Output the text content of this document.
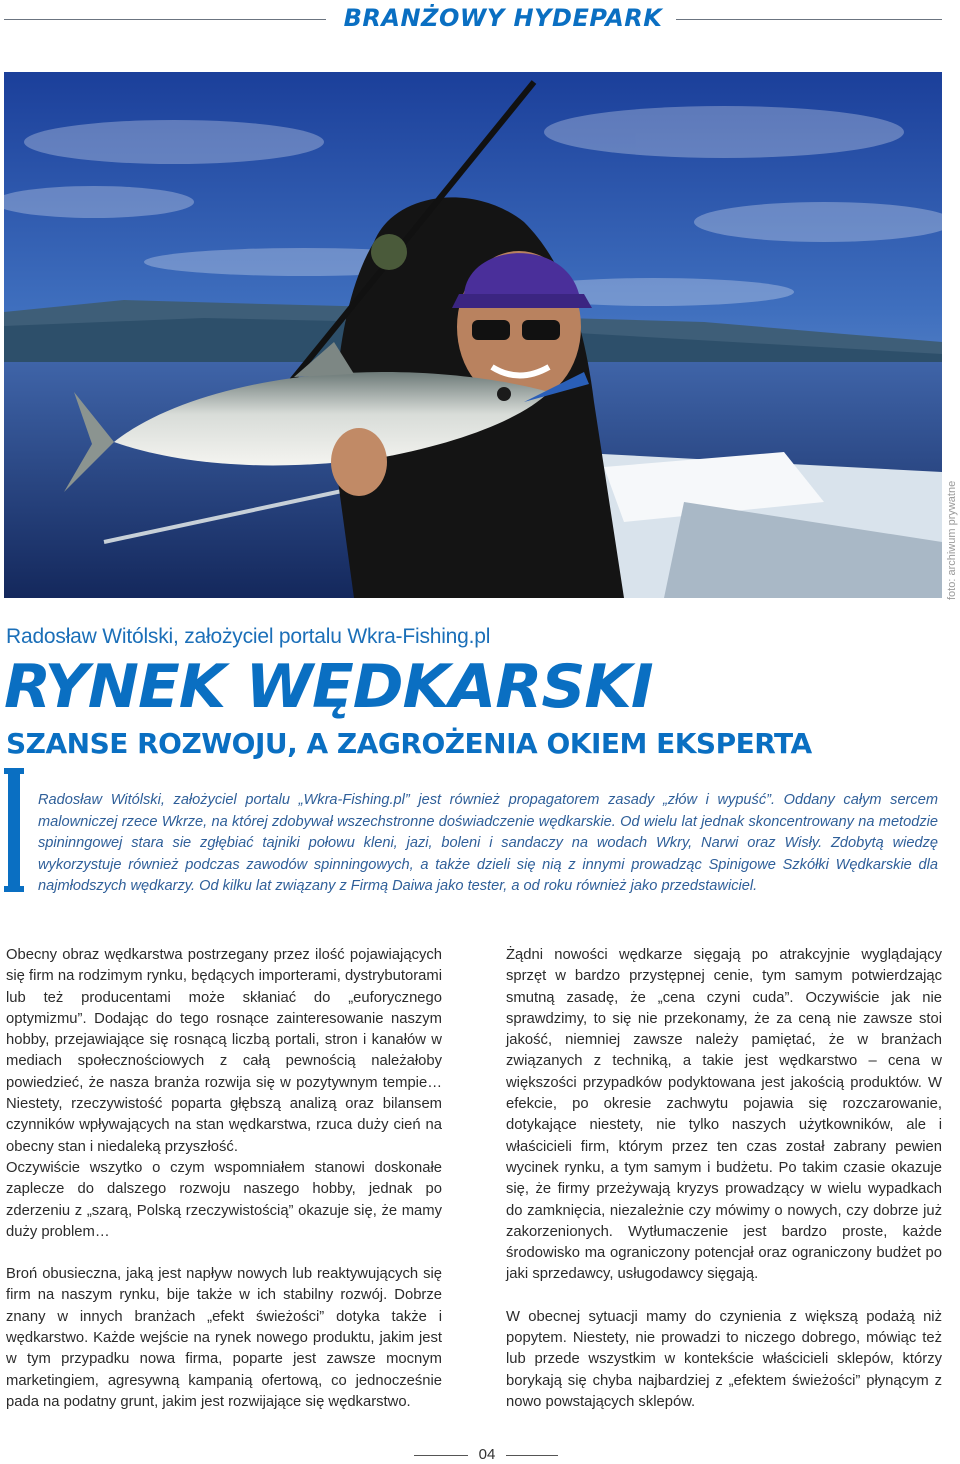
BRANŻOWY HYDEPARK
foto: archiwum prywatne
Radosław Witólski, założyciel portalu Wkra-Fishing.pl
RYNEK WĘDKARSKI
SZANSE ROZWOJU, A ZAGROŻENIA OKIEM EKSPERTA

Radosław Witólski, założyciel portalu „Wkra-Fishing.pl” jest również propagatorem zasady „złów i wypuść”. Oddany całym sercem malowniczej rzece Wkrze, na której zdobywał wszechstronne doświadczenie wędkarskie. Od wielu lat jednak skoncentrowany na metodzie spininngowej stara sie zgłębiać tajniki połowu kleni, jazi, boleni i sandaczy na wodach Wkry, Narwi oraz Wisły. Zdobytą wiedzę wykorzystuje również podczas zawodów spinningowych, a także dzieli się nią z innymi prowadząc Spinigowe Szkółki Wędkarskie dla najmłodszych wędkarzy. Od kilku lat związany z Firmą Daiwa jako tester, a od roku również jako przedstawiciel.

Obecny obraz wędkarstwa postrzegany przez ilość pojawiających się firm na rodzimym rynku, będących importerami, dystrybutorami lub też producentami może skłaniać do „euforycznego optymizmu”. Dodając do tego rosnące zainteresowanie naszym hobby, przejawiające się rosnącą liczbą portali, stron i kanałów w mediach społecznościowych z całą pewnością należałoby powiedzieć, że nasza branża rozwija się w pozytywnym tempie… Niestety, rzeczywistość poparta głębszą analizą oraz bilansem czynników wpływających na stan wędkarstwa, rzuca duży cień na obecny stan i niedaleką przyszłość.

Oczywiście wszytko o czym wspomniałem stanowi doskonałe zaplecze do dalszego rozwoju naszego hobby, jednak po zderzeniu z „szarą, Polską rzeczywistością” okazuje się, że mamy duży problem…

Broń obusieczna, jaką jest napływ nowych lub reaktywujących się firm na naszym rynku, bije także w ich stabilny rozwój. Dobrze znany w innych branżach „efekt świeżości” dotyka także i wędkarstwo. Każde wejście na rynek nowego produktu, jakim jest w tym przypadku nowa firma, poparte jest zawsze mocnym marketingiem, agresywną kampanią ofertową, co jednocześnie pada na podatny grunt, jakim jest rozwijające się wędkarstwo.

Żądni nowości wędkarze sięgają po atrakcyjnie wyglądający sprzęt w bardzo przystępnej cenie, tym samym potwierdzając smutną zasadę, że „cena czyni cuda”. Oczywiście jak nie sprawdzimy, to się nie przekonamy, że za ceną nie zawsze stoi jakość, niemniej zawsze należy pamiętać, że w branżach związanych z techniką, a takie jest wędkarstwo – cena w większości przypadków podyktowana jest jakością produktów. W efekcie, po okresie zachwytu pojawia się rozczarowanie, dotykające niestety, nie tylko naszych użytkowników, ale i właścicieli firm, którym przez ten czas został zabrany pewien wycinek rynku, a tym samym i budżetu. Po takim czasie okazuje się, że firmy przeżywają kryzys prowadzący w wielu wypadkach do zamknięcia, niezależnie czy mówimy o nowych, czy dobrze już zakorzenionych. Wytłumaczenie jest bardzo proste, każde środowisko ma ograniczony potencjał oraz ograniczony budżet po jaki sprzedawcy, usługodawcy sięgają.

W obecnej sytuacji mamy do czynienia z większą podażą niż popytem. Niestety, nie prowadzi to niczego dobrego, mówiąc też lub przede wszystkim w kontekście właścicieli sklepów, którzy borykają się chyba najbardziej z „efektem świeżości” płynącym z nowo powstających sklepów.

04
